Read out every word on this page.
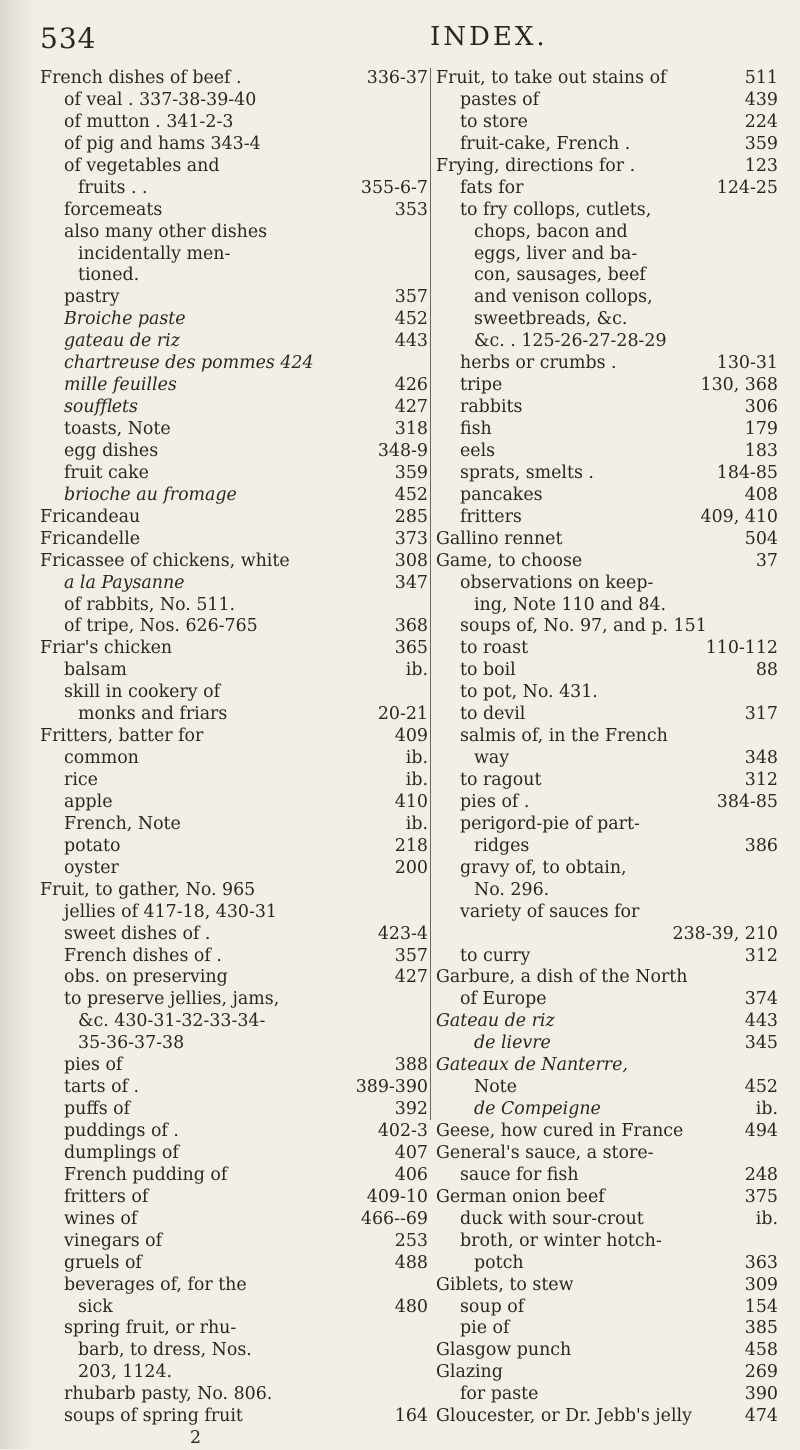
534	INDEX.
French dishes of beef .	336-37
of veal . 337-38-39-40
of mutton . 341-2-3
of pig and hams 343-4
of vegetables and
fruits . .	355-6-7
forcemeats	353
also many other dishes
incidentally men-
tioned.
pastry	357
Broiche paste	452
gateau de riz	443
chartreuse des pommes 424
mille feuilles	426
soufflets	427
toasts, Note	318
egg dishes	348-9
fruit cake	359
brioche au fromage	452
Fricandeau	285
Fricandelle	373
Fricassee of chickens, white	308
a la Paysanne	347
of rabbits, No. 511.
of tripe, Nos. 626-765	368
Friar's chicken	365
balsam	ib.
skill in cookery of
monks and friars	20-21
Fritters, batter for	409
common	ib.
rice	ib.
apple	410
French, Note	ib.
potato	218
oyster	200
Fruit, to gather, No. 965
jellies of 417-18, 430-31
sweet dishes of .	423-4
French dishes of .	357
obs. on preserving	427
to preserve jellies, jams,
&c. 430-31-32-33-34-
35-36-37-38
pies of	388
tarts of .	389-390
puffs of	392
puddings of .	402-3
dumplings of	407
French pudding of	406
fritters of	409-10
wines of	466--69
vinegars of	253
gruels of	488
beverages of, for the
sick	480
spring fruit, or rhu-
barb, to dress, Nos.
203, 1124.
rhubarb pasty, No. 806.
soups of spring fruit	164
2
Fruit, to take out stains of	511
pastes of	439
to store	224
fruit-cake, French .	359
Frying, directions for .	123
fats for	124-25
to fry collops, cutlets,
chops, bacon and
eggs, liver and ba-
con, sausages, beef
and venison collops,
sweetbreads, &c.
&c. . 125-26-27-28-29
herbs or crumbs .	130-31
tripe	130, 368
rabbits	306
fish	179
eels	183
sprats, smelts .	184-85
pancakes	408
fritters	409, 410
Gallino rennet	504
Game, to choose	37
observations on keep-
ing, Note 110 and 84.
soups of, No. 97, and p. 151
to roast	110-112
to boil	88
to pot, No. 431.
to devil	317
salmis of, in the French
way	348
to ragout	312
pies of .	384-85
perigord-pie of part-
ridges	386
gravy of, to obtain,
No. 296.
variety of sauces for
238-39, 210
to curry	312
Garbure, a dish of the North
of Europe	374
Gateau de riz	443
de lievre	345
Gateaux de Nanterre,
Note	452
de Compeigne	ib.
Geese, how cured in France	494
General's sauce, a store-
sauce for fish	248
German onion beef	375
duck with sour-crout	ib.
broth, or winter hotch-
potch	363
Giblets, to stew	309
soup of	154
pie of	385
Glasgow punch	458
Glazing	269
for paste	390
Gloucester, or Dr. Jebb's jelly	474
